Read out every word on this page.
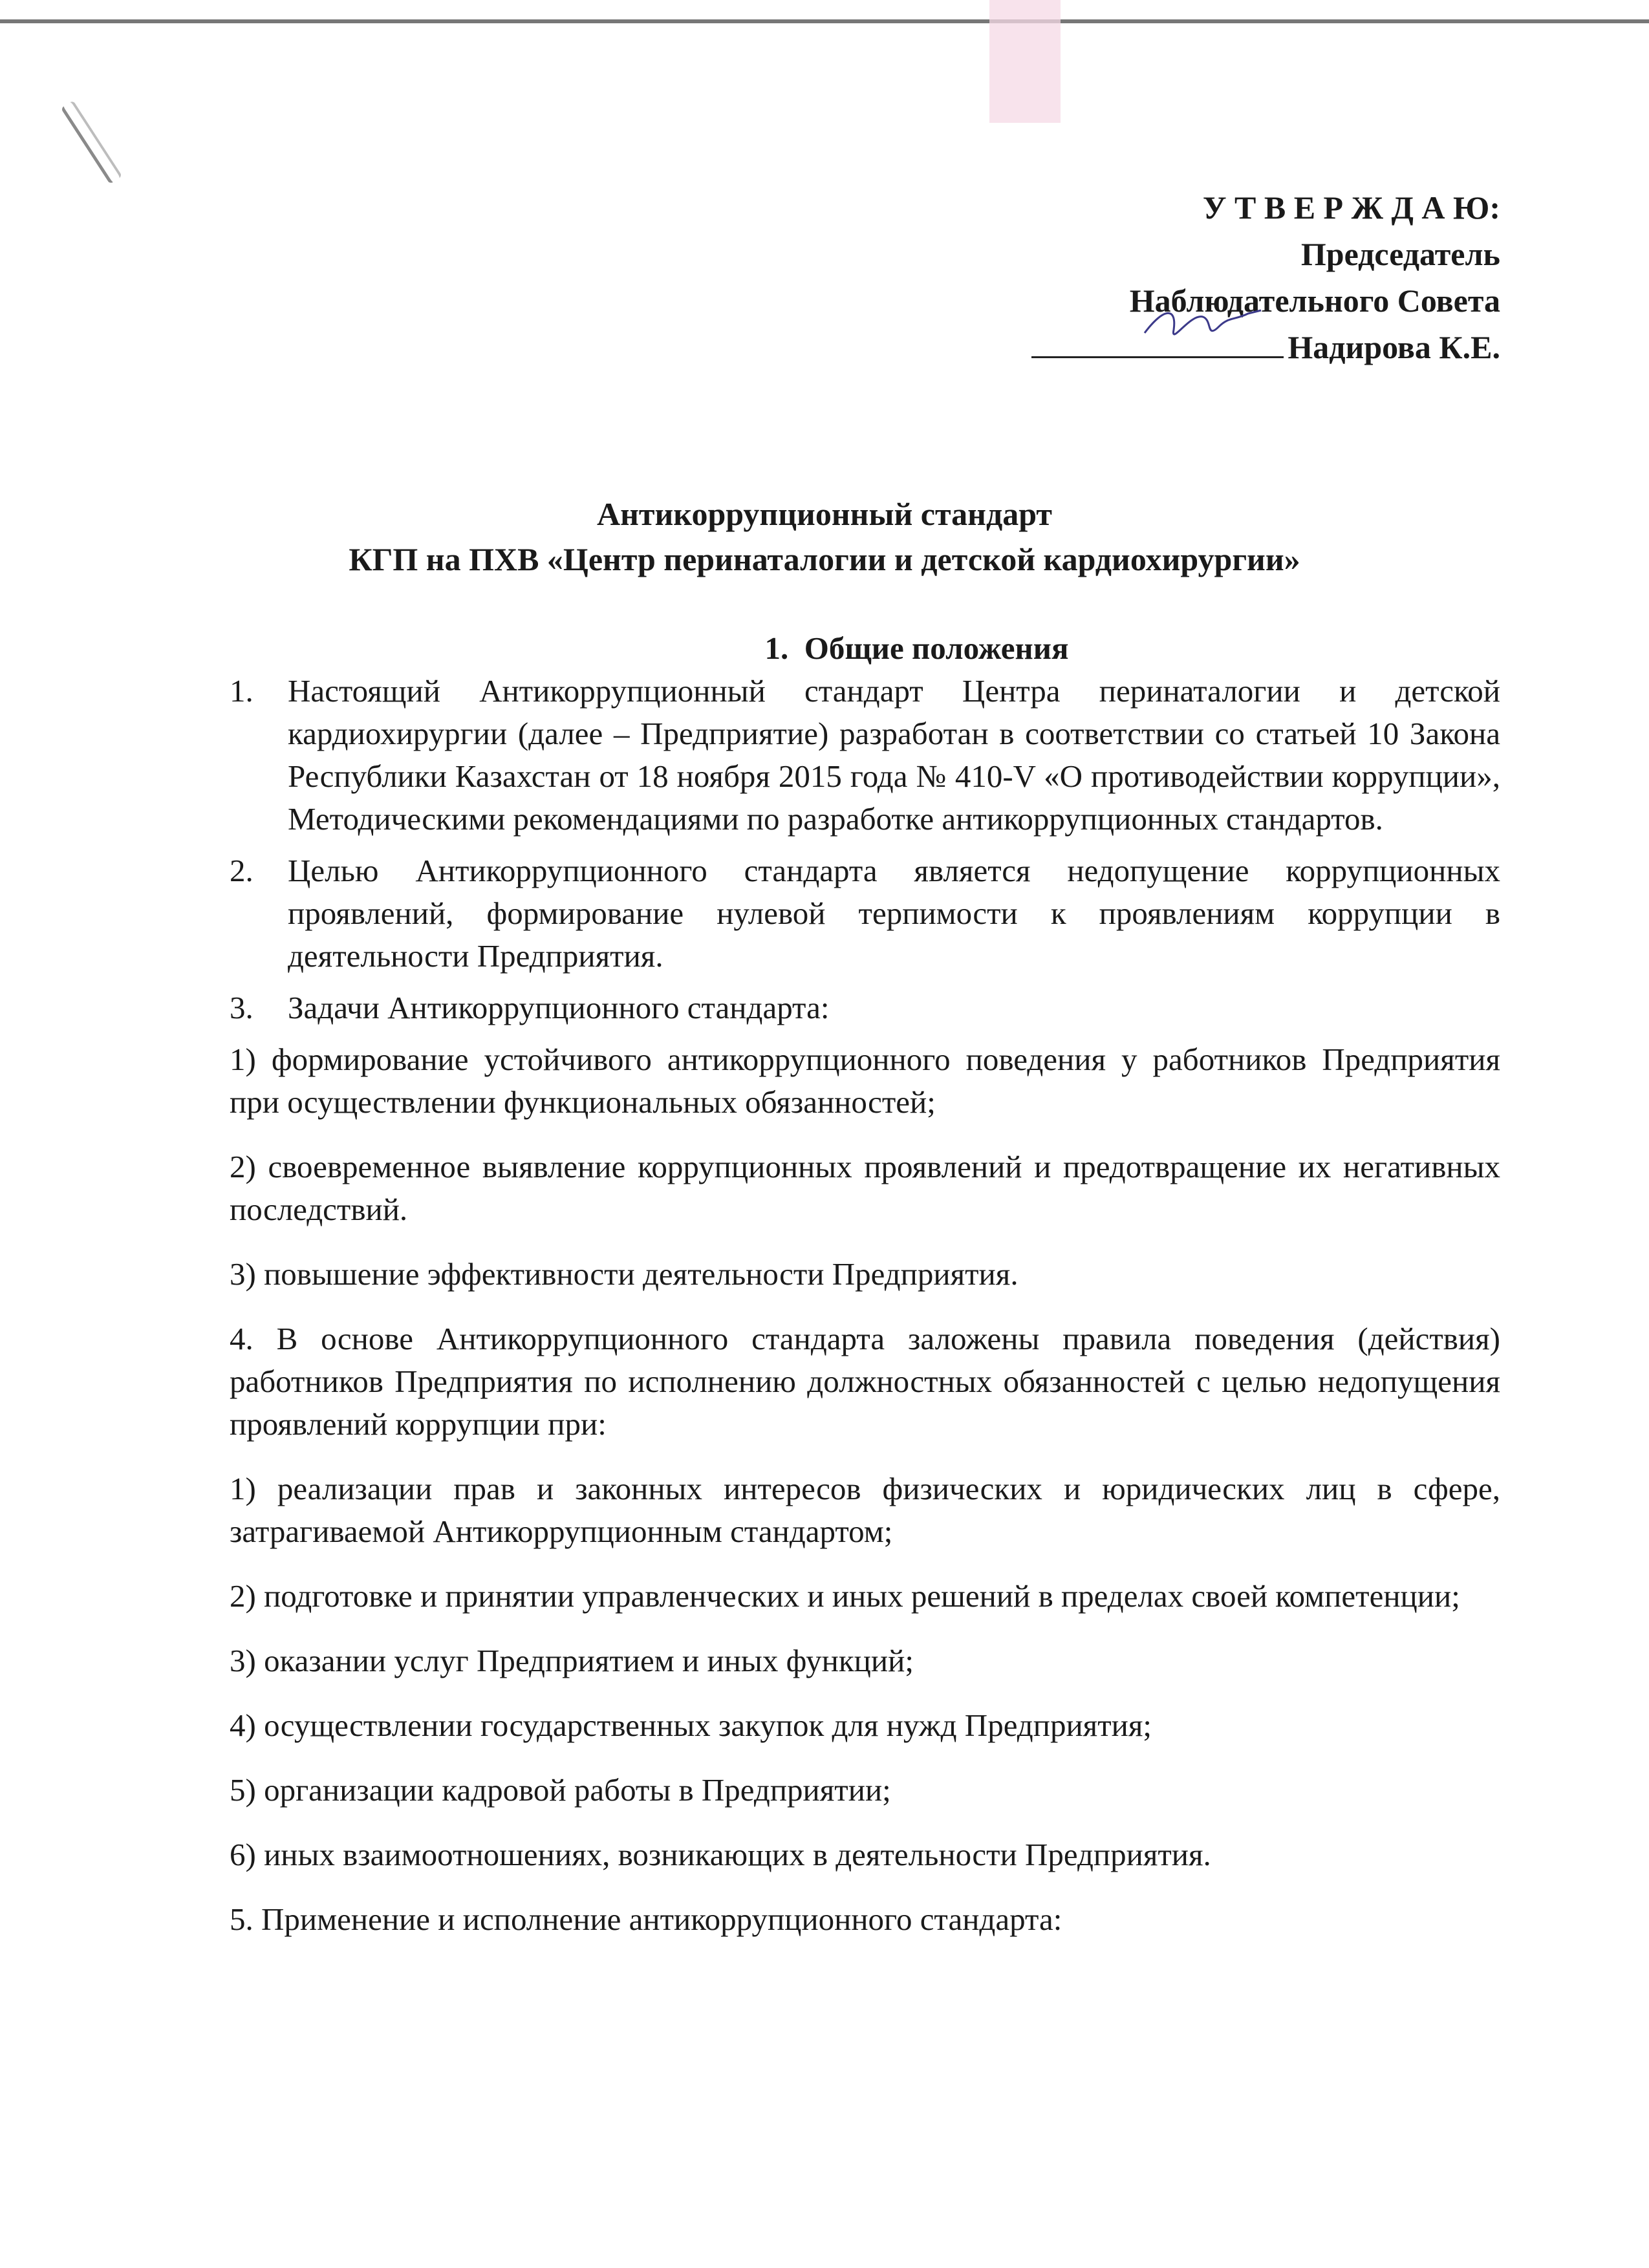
У Т В Е Р Ж Д А Ю:
Председатель
Наблюдательного Совета
Надирова К.Е.
Антикоррупционный стандарт
КГП на ПХВ «Центр перинаталогии и детской кардиохирургии»
1. Общие положения
1.	Настоящий Антикоррупционный стандарт Центра перинаталогии и детской кардиохирургии (далее – Предприятие) разработан в соответствии со статьей 10 Закона Республики Казахстан от 18 ноября 2015 года № 410-V «О противодействии коррупции», Методическими рекомендациями по разработке антикоррупционных стандартов.
2.	Целью Антикоррупционного стандарта является недопущение коррупционных проявлений, формирование нулевой терпимости к проявлениям коррупции в деятельности Предприятия.
3.	Задачи Антикоррупционного стандарта:

1) формирование устойчивого антикоррупционного поведения у работников Предприятия при осуществлении функциональных обязанностей;

2) своевременное выявление коррупционных проявлений и предотвращение их негативных последствий.

3) повышение эффективности деятельности Предприятия.

4. В основе Антикоррупционного стандарта заложены правила поведения (действия) работников Предприятия по исполнению должностных обязанностей с целью недопущения проявлений коррупции при:

1) реализации прав и законных интересов физических и юридических лиц в сфере, затрагиваемой Антикоррупционным стандартом;

2) подготовке и принятии управленческих и иных решений в пределах своей компетенции;

3) оказании услуг Предприятием и иных функций;

4) осуществлении государственных закупок для нужд Предприятия;

5) организации кадровой работы в Предприятии;

6) иных взаимоотношениях, возникающих в деятельности Предприятия.

5. Применение и исполнение антикоррупционного стандарта:
